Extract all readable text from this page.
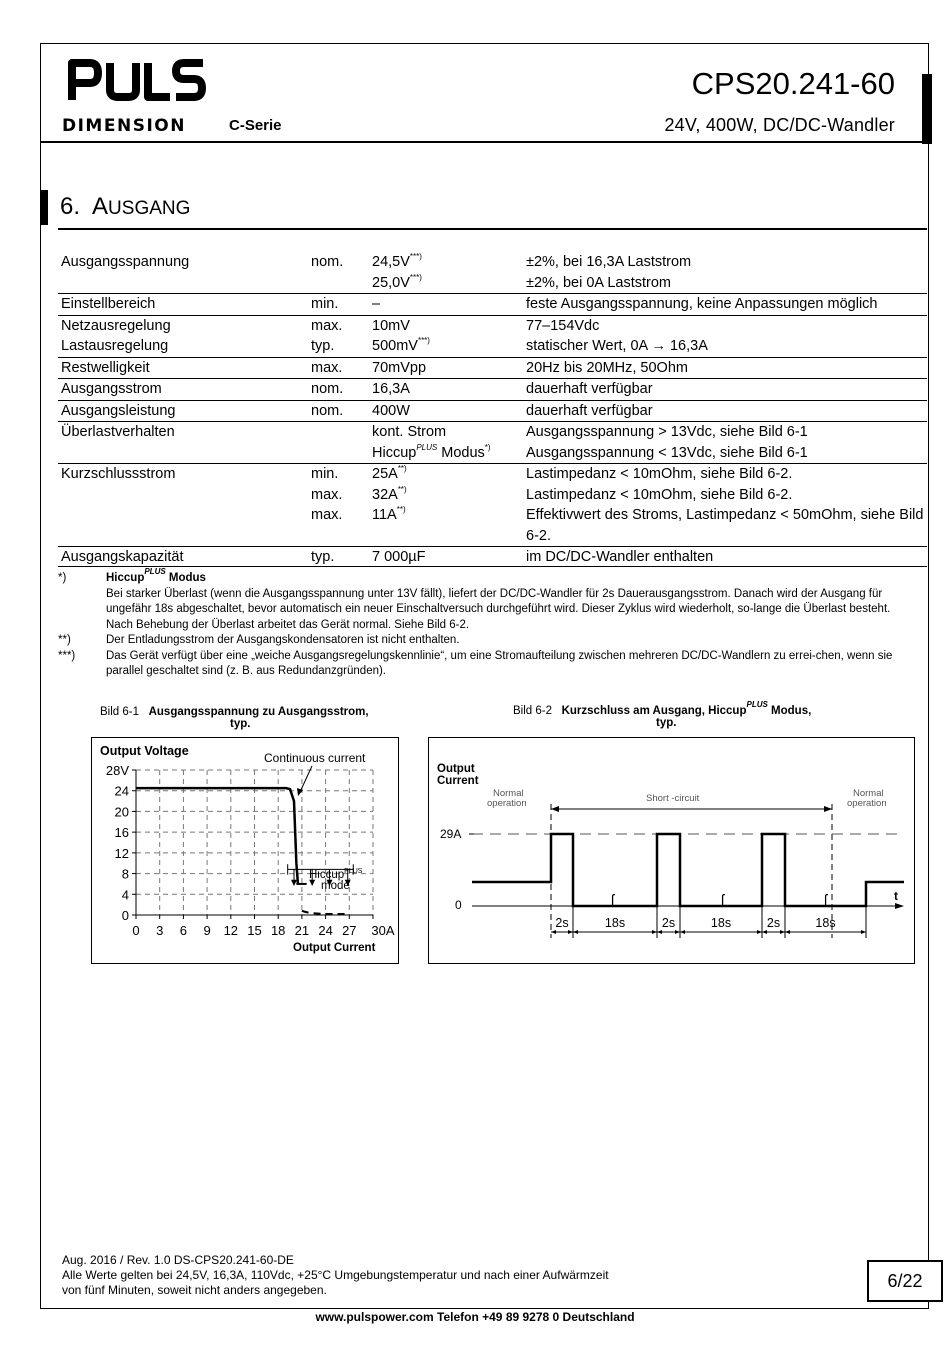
DIMENSION	C-Serie
CPS20.241-60
24V, 400W, DC/DC-Wandler
6. AUSGANG
Ausgangsspannung	nom.	24,5V***)	±2%, bei 16,3A Laststrom
		25,0V***)	±2%, bei 0A Laststrom
Einstellbereich	min.	–	feste Ausgangsspannung, keine Anpassungen möglich
Netzausregelung	max.	10mV	77–154Vdc
Lastausregelung	typ.	500mV***)	statischer Wert, 0A → 16,3A
Restwelligkeit	max.	70mVpp	20Hz bis 20MHz, 50Ohm
Ausgangsstrom	nom.	16,3A	dauerhaft verfügbar
Ausgangsleistung	nom.	400W	dauerhaft verfügbar
Überlastverhalten		kont. Strom	Ausgangsspannung > 13Vdc, siehe Bild 6-1
		Hiccup$^{PLUS}$ Modus*)	Ausgangsspannung < 13Vdc, siehe Bild 6-1
Kurzschlussstrom	min.	25A**)	Lastimpedanz < 10mOhm, siehe Bild 6-2.
	max.	32A**)	Lastimpedanz < 10mOhm, siehe Bild 6-2.
	max.	11A**)	Effektivwert des Stroms, Lastimpedanz < 50mOhm, siehe Bild 6-2.
Ausgangskapazität	typ.	7 000µF	im DC/DC-Wandler enthalten
*)	Hiccup$^{PLUS}$ Modus
Bei starker Überlast (wenn die Ausgangsspannung unter 13V fällt), liefert der DC/DC-Wandler für 2s Dauerausgangsstrom. Danach wird der Ausgang für ungefähr 18s abgeschaltet, bevor automatisch ein neuer Einschaltversuch durchgeführt wird. Dieser Zyklus wird wiederholt, so-lange die Überlast besteht. Nach Behebung der Überlast arbeitet das Gerät normal. Siehe Bild 6-2.
**)	Der Entladungsstrom der Ausgangskondensatoren ist nicht enthalten.
***)	Das Gerät verfügt über eine „weiche Ausgangsregelungskennlinie“, um eine Stromaufteilung zwischen mehreren DC/DC-Wandlern zu errei-chen, wenn sie parallel geschaltet sind (z. B. aus Redundanzgründen).
Bild 6-1 Ausgangsspannung zu Ausgangsstrom,
typ.
Output Voltage	Continuous current
0
4
8
12
16
20
24
28V
0 3 6 9 12 15 18 21 24 27 30A
Hiccup$^{PLUS}$
mode
Output Current
Bild 6-2 Kurzschluss am Ausgang, Hiccup$^{PLUS}$ Modus,
typ.
Output
Current
Normal
operation	Short -circuit	Normal
operation
29A
0
t
ʃ	ʃ	ʃ
2s	18s	2s	18s	2s	18s
Aug. 2016 / Rev. 1.0 DS-CPS20.241-60-DE
Alle Werte gelten bei 24,5V, 16,3A, 110Vdc, +25°C Umgebungstemperatur und nach einer Aufwärmzeit
von fünf Minuten, soweit nicht anders angegeben.	6/22
www.pulspower.com Telefon +49 89 9278 0 Deutschland
